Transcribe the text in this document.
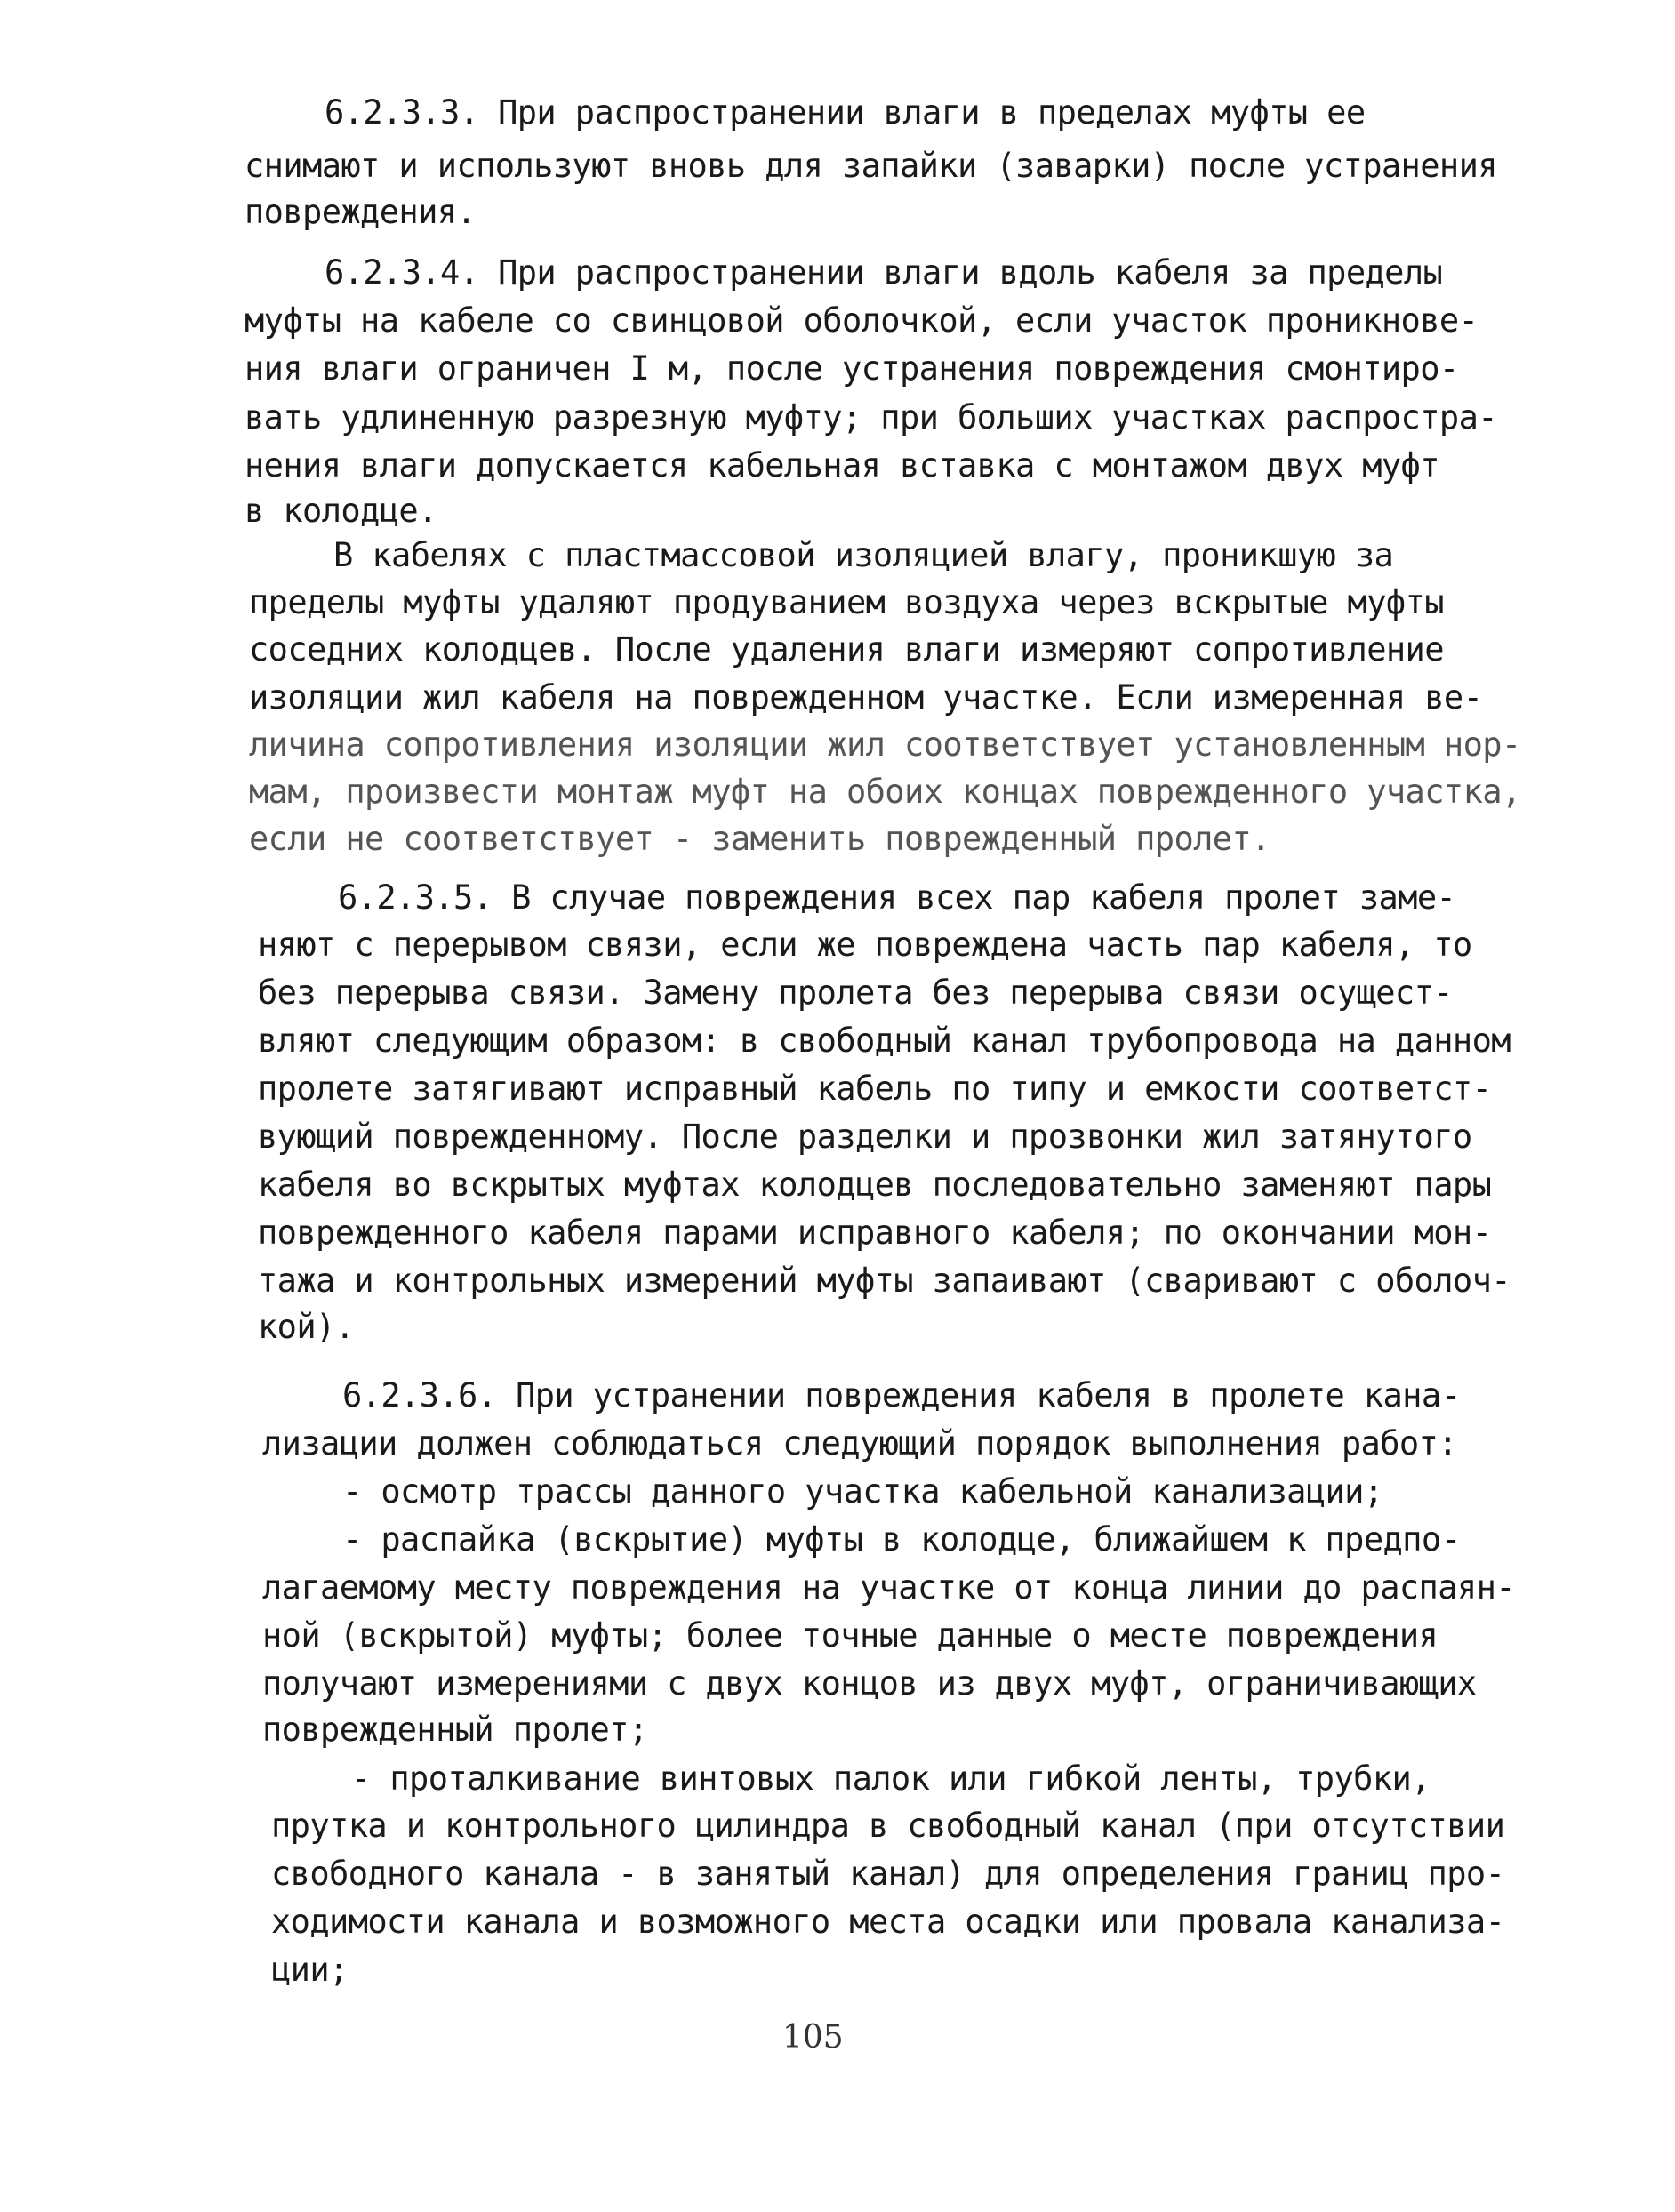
6.2.3.3. При распространении влаги в пределах муфты ее
снимают и используют вновь для запайки (заварки) после устранения
повреждения.
6.2.3.4. При распространении влаги вдоль кабеля за пределы
муфты на кабеле со свинцовой оболочкой, если участок проникнове-
ния влаги ограничен I м, после устранения повреждения смонтиро-
вать удлиненную разрезную муфту; при больших участках распростра-
нения влаги допускается кабельная вставка с монтажом двух муфт
в колодце.
В кабелях с пластмассовой изоляцией влагу, проникшую за
пределы муфты удаляют продуванием воздуха через вскрытые муфты
соседних колодцев. После удаления влаги измеряют сопротивление
изоляции жил кабеля на поврежденном участке. Если измеренная ве-
личина сопротивления изоляции жил соответствует установленным нор-
мам, произвести монтаж муфт на обоих концах поврежденного участка,
если не соответствует - заменить поврежденный пролет.
6.2.3.5. В случае повреждения всех пар кабеля пролет заме-
няют с перерывом связи, если же повреждена часть пар кабеля, то
без перерыва связи. Замену пролета без перерыва связи осущест-
вляют следующим образом: в свободный канал трубопровода на данном
пролете затягивают исправный кабель по типу и емкости соответст-
вующий поврежденному. После разделки и прозвонки жил затянутого
кабеля во вскрытых муфтах колодцев последовательно заменяют пары
поврежденного кабеля парами исправного кабеля; по окончании мон-
тажа и контрольных измерений муфты запаивают (сваривают с оболоч-
кой).
6.2.3.6. При устранении повреждения кабеля в пролете кана-
лизации должен соблюдаться следующий порядок выполнения работ:
- осмотр трассы данного участка кабельной канализации;
- распайка (вскрытие) муфты в колодце, ближайшем к предпо-
лагаемому месту повреждения на участке от конца линии до распаян-
ной (вскрытой) муфты; более точные данные о месте повреждения
получают измерениями с двух концов из двух муфт, ограничивающих
поврежденный пролет;
- проталкивание винтовых палок или гибкой ленты, трубки,
прутка и контрольного цилиндра в свободный канал (при отсутствии
свободного канала - в занятый канал) для определения границ про-
ходимости канала и возможного места осадки или провала канализа-
ции;
105
